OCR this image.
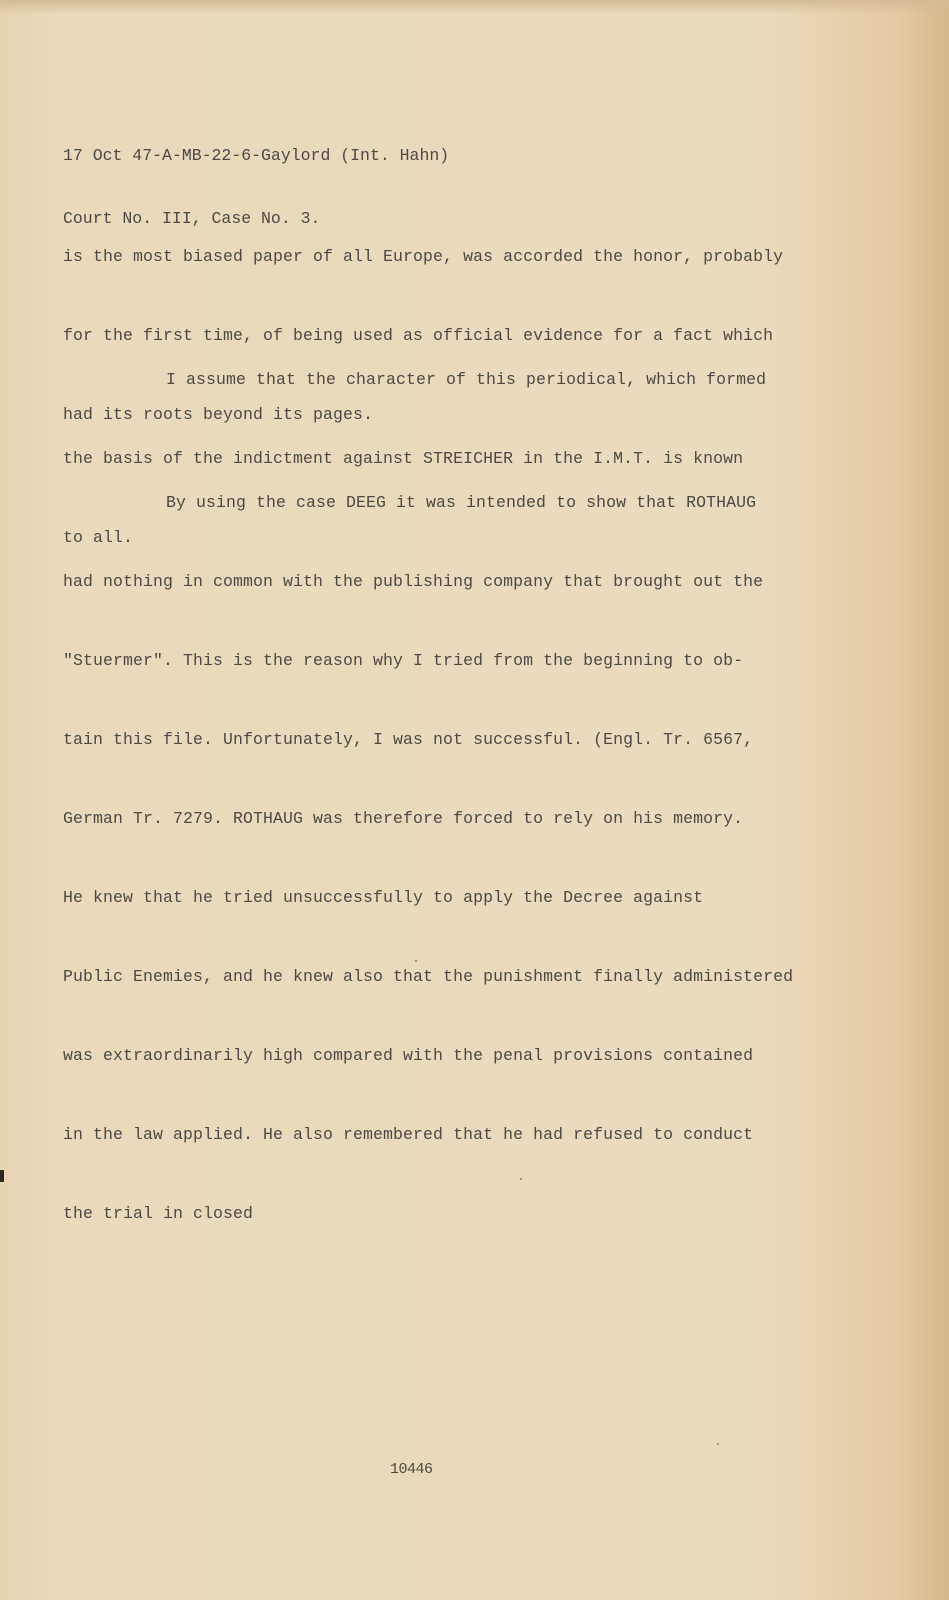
17 Oct 47-A-MB-22-6-Gaylord (Int. Hahn)

Court No. III, Case No. 3.

is the most biased paper of all Europe, was accorded the honor, probably

for the first time, of being used as official evidence for a fact which

had its roots beyond its pages.

I assume that the character of this periodical, which formed

the basis of the indictment against STREICHER in the I.M.T. is known

to all.

By using the case DEEG it was intended to show that ROTHAUG

had nothing in common with the publishing company that brought out the

"Stuermer". This is the reason why I tried from the beginning to ob-

tain this file. Unfortunately, I was not successful. (Engl. Tr. 6567,

German Tr. 7279. ROTHAUG was therefore forced to rely on his memory.

He knew that he tried unsuccessfully to apply the Decree against

Public Enemies, and he knew also that the punishment finally administered

was extraordinarily high compared with the penal provisions contained

in the law applied. He also remembered that he had refused to conduct

the trial in closed

10446
